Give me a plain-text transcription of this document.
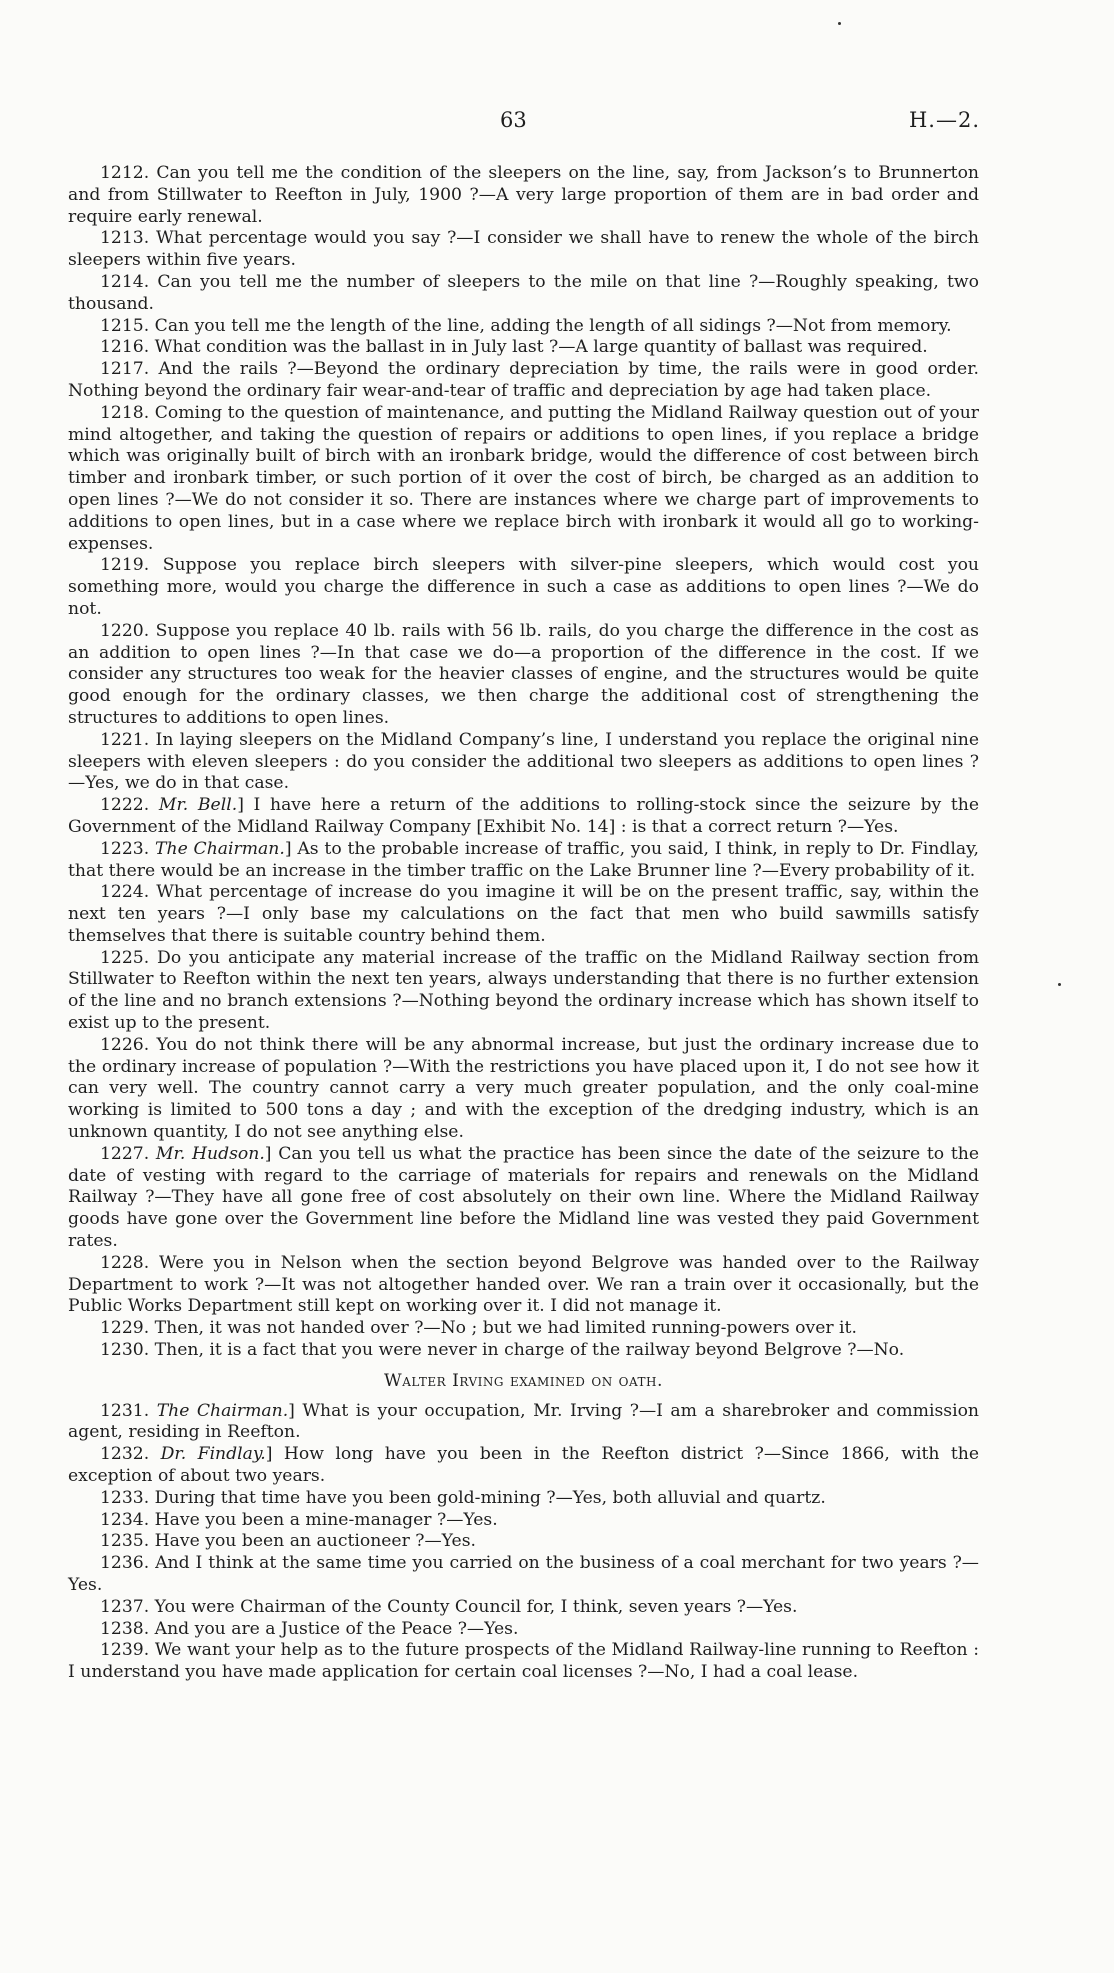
63	H.—2.

1212. Can you tell me the condition of the sleepers on the line, say, from Jackson’s to Brunnerton and from Stillwater to Reefton in July, 1900 ?—A very large proportion of them are in bad order and require early renewal.

1213. What percentage would you say ?—I consider we shall have to renew the whole of the birch sleepers within five years.

1214. Can you tell me the number of sleepers to the mile on that line ?—Roughly speaking, two thousand.

1215. Can you tell me the length of the line, adding the length of all sidings ?—Not from memory.

1216. What condition was the ballast in in July last ?—A large quantity of ballast was required.

1217. And the rails ?—Beyond the ordinary depreciation by time, the rails were in good order. Nothing beyond the ordinary fair wear-and-tear of traffic and depreciation by age had taken place.

1218. Coming to the question of maintenance, and putting the Midland Railway question out of your mind altogether, and taking the question of repairs or additions to open lines, if you replace a bridge which was originally built of birch with an ironbark bridge, would the difference of cost between birch timber and ironbark timber, or such portion of it over the cost of birch, be charged as an addition to open lines ?—We do not consider it so. There are instances where we charge part of improvements to additions to open lines, but in a case where we replace birch with ironbark it would all go to working-expenses.

1219. Suppose you replace birch sleepers with silver-pine sleepers, which would cost you something more, would you charge the difference in such a case as additions to open lines ?—We do not.

1220. Suppose you replace 40 lb. rails with 56 lb. rails, do you charge the difference in the cost as an addition to open lines ?—In that case we do—a proportion of the difference in the cost. If we consider any structures too weak for the heavier classes of engine, and the structures would be quite good enough for the ordinary classes, we then charge the additional cost of strengthening the structures to additions to open lines.

1221. In laying sleepers on the Midland Company’s line, I understand you replace the original nine sleepers with eleven sleepers : do you consider the additional two sleepers as additions to open lines ?—Yes, we do in that case.

1222. Mr. Bell.] I have here a return of the additions to rolling-stock since the seizure by the Government of the Midland Railway Company [Exhibit No. 14] : is that a correct return ?—Yes.

1223. The Chairman.] As to the probable increase of traffic, you said, I think, in reply to Dr. Findlay, that there would be an increase in the timber traffic on the Lake Brunner line ?—Every probability of it.

1224. What percentage of increase do you imagine it will be on the present traffic, say, within the next ten years ?—I only base my calculations on the fact that men who build sawmills satisfy themselves that there is suitable country behind them.

1225. Do you anticipate any material increase of the traffic on the Midland Railway section from Stillwater to Reefton within the next ten years, always understanding that there is no further extension of the line and no branch extensions ?—Nothing beyond the ordinary increase which has shown itself to exist up to the present.

1226. You do not think there will be any abnormal increase, but just the ordinary increase due to the ordinary increase of population ?—With the restrictions you have placed upon it, I do not see how it can very well. The country cannot carry a very much greater population, and the only coal-mine working is limited to 500 tons a day ; and with the exception of the dredging industry, which is an unknown quantity, I do not see anything else.

1227. Mr. Hudson.] Can you tell us what the practice has been since the date of the seizure to the date of vesting with regard to the carriage of materials for repairs and renewals on the Midland Railway ?—They have all gone free of cost absolutely on their own line. Where the Midland Railway goods have gone over the Government line before the Midland line was vested they paid Government rates.

1228. Were you in Nelson when the section beyond Belgrove was handed over to the Railway Department to work ?—It was not altogether handed over. We ran a train over it occasionally, but the Public Works Department still kept on working over it. I did not manage it.

1229. Then, it was not handed over ?—No ; but we had limited running-powers over it.

1230. Then, it is a fact that you were never in charge of the railway beyond Belgrove ?—No.

Walter Irving examined on oath.

1231. The Chairman.] What is your occupation, Mr. Irving ?—I am a sharebroker and commission agent, residing in Reefton.

1232. Dr. Findlay.] How long have you been in the Reefton district ?—Since 1866, with the exception of about two years.

1233. During that time have you been gold-mining ?—Yes, both alluvial and quartz.

1234. Have you been a mine-manager ?—Yes.

1235. Have you been an auctioneer ?—Yes.

1236. And I think at the same time you carried on the business of a coal merchant for two years ?—Yes.

1237. You were Chairman of the County Council for, I think, seven years ?—Yes.

1238. And you are a Justice of the Peace ?—Yes.

1239. We want your help as to the future prospects of the Midland Railway-line running to Reefton : I understand you have made application for certain coal licenses ?—No, I had a coal lease.
